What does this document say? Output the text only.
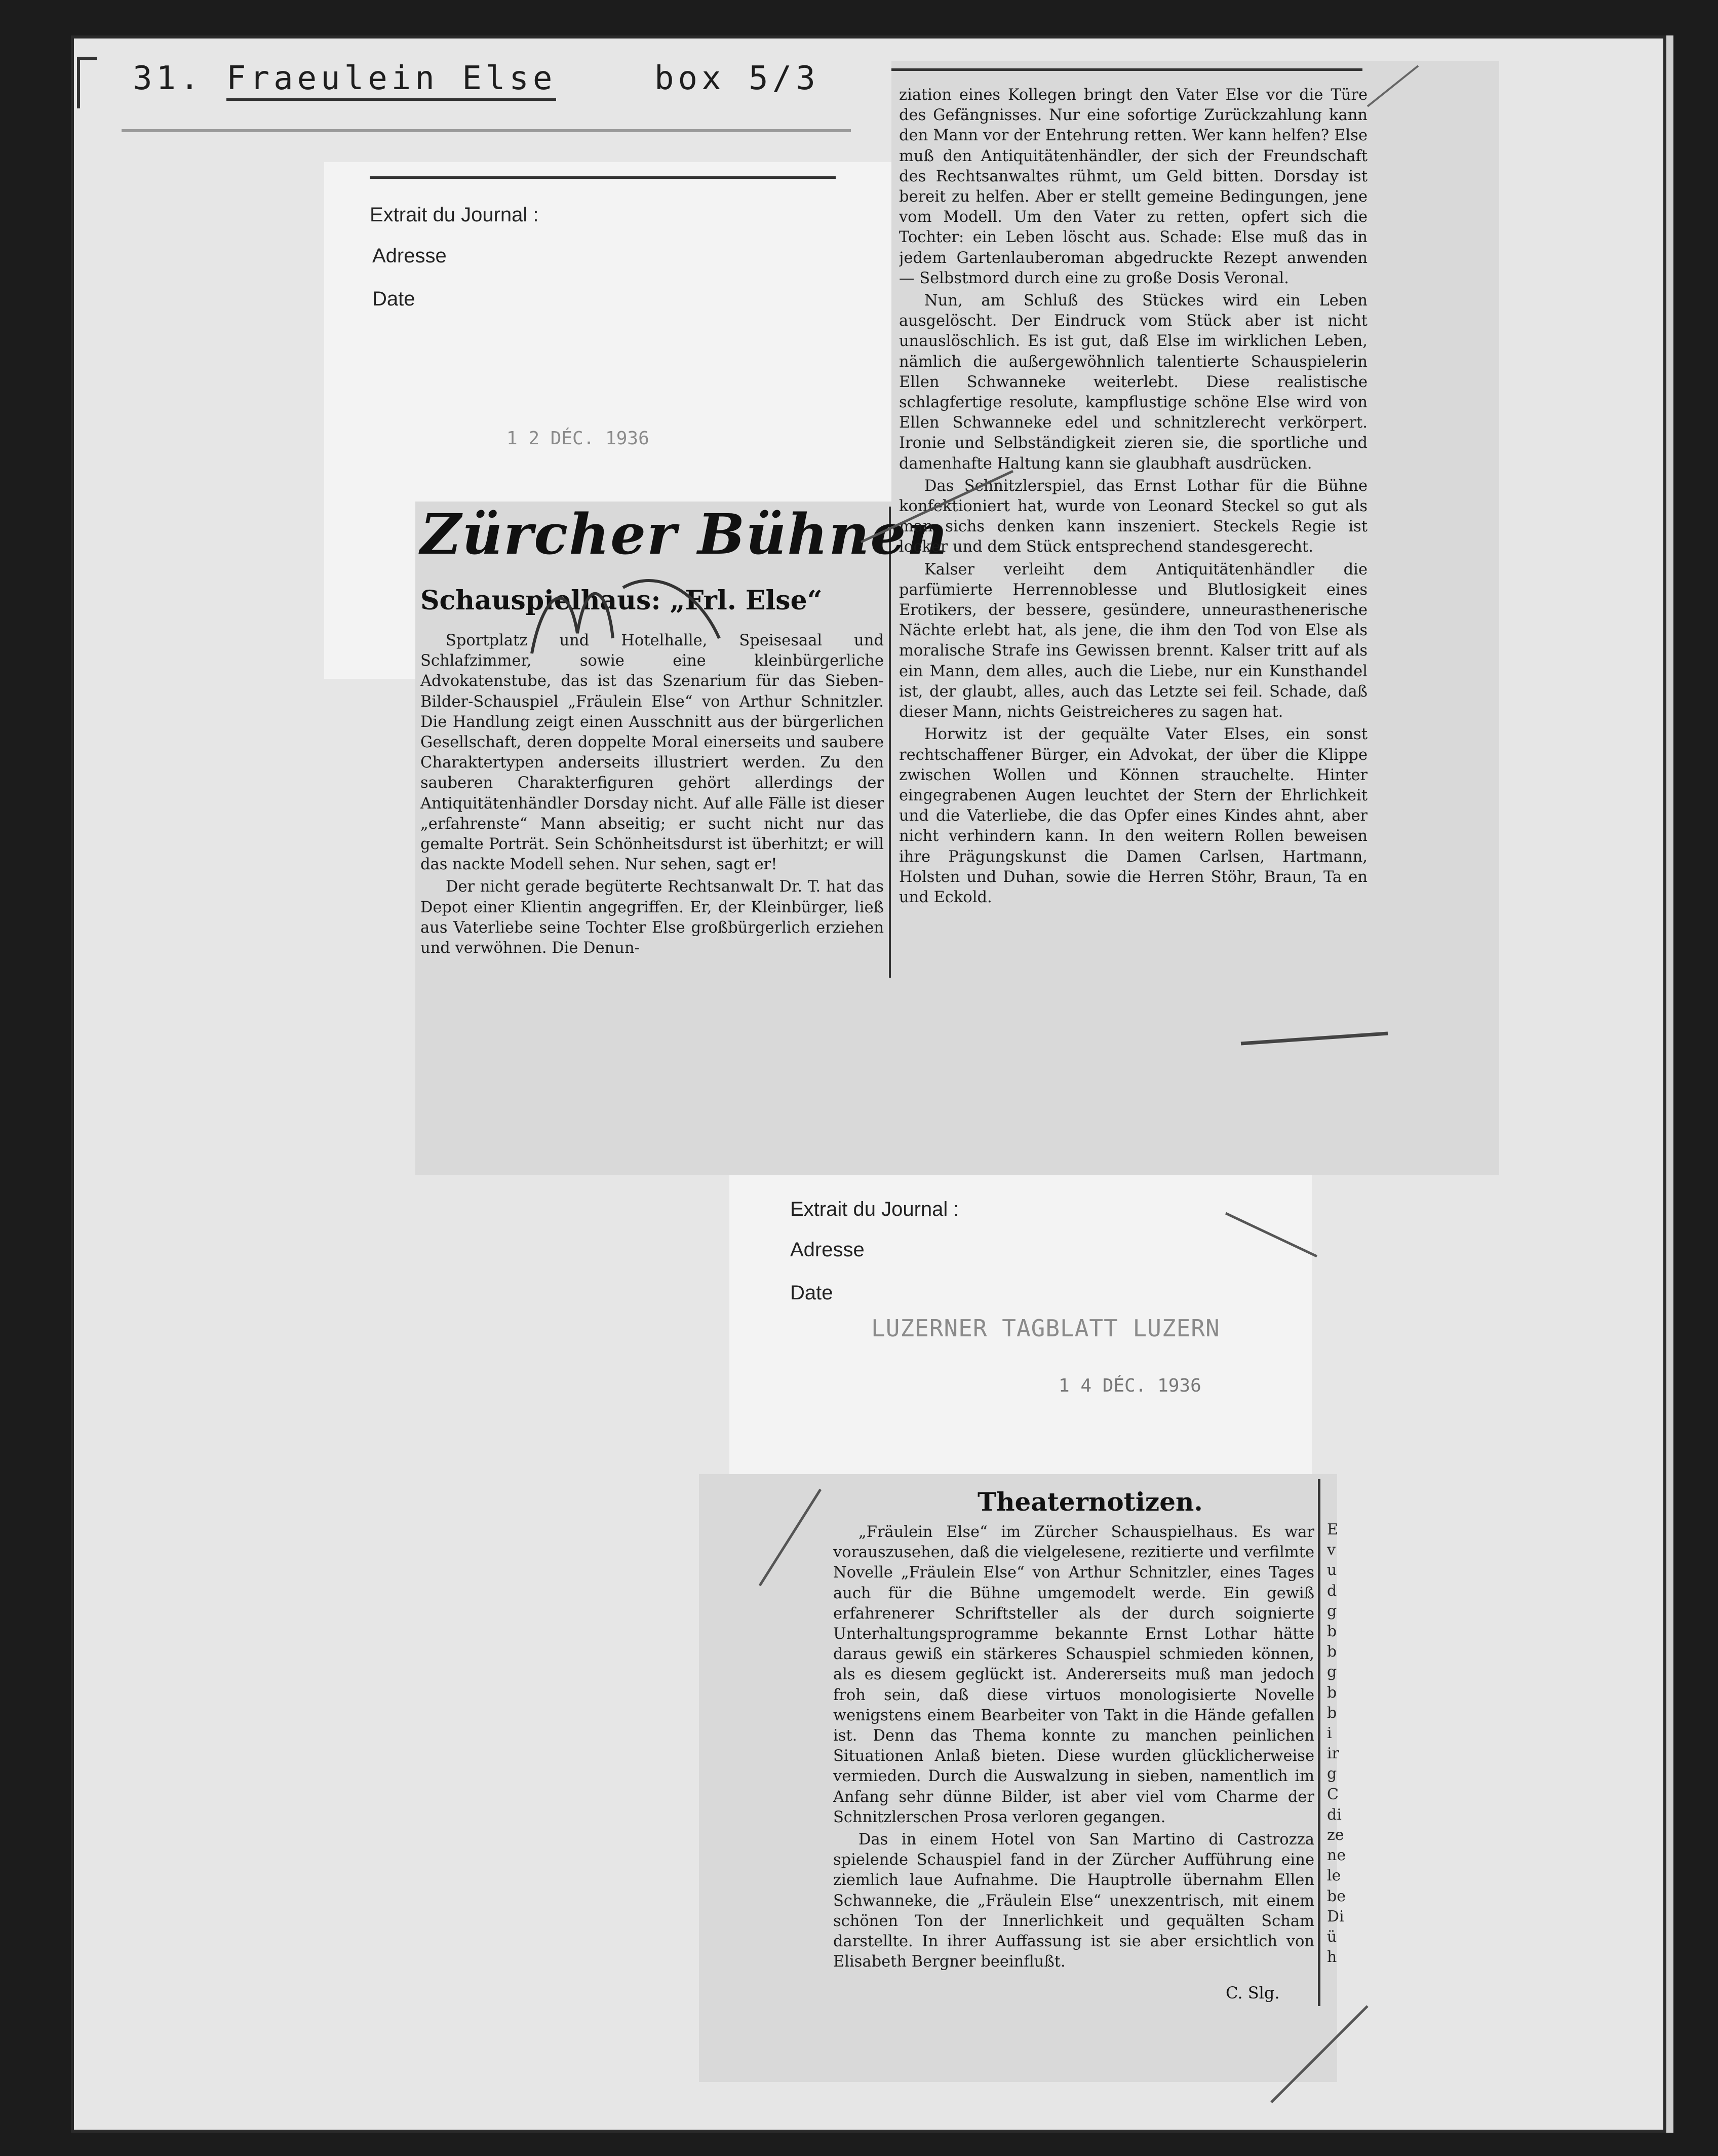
31. Fraeulein Else	box 5/3
Extrait du Journal :
Adresse
Date
1 2 DÉC. 1936
Zürcher Bühnen
Schauspielhaus: „Frl. Else“

Sportplatz und Hotelhalle, Speisesaal und Schlafzimmer, sowie eine kleinbürgerliche Advokatenstube, das ist das Szenarium für das Sieben-Bilder-Schauspiel „Fräulein Else“ von Arthur Schnitzler. Die Handlung zeigt einen Ausschnitt aus der bürgerlichen Gesellschaft, deren doppelte Moral einerseits und saubere Charaktertypen anderseits illustriert werden. Zu den sauberen Charakterfiguren gehört allerdings der Antiquitätenhändler Dorsday nicht. Auf alle Fälle ist dieser „erfahrenste“ Mann abseitig; er sucht nicht nur das gemalte Porträt. Sein Schönheitsdurst ist überhitzt; er will das nackte Modell sehen. Nur sehen, sagt er!

Der nicht gerade begüterte Rechtsanwalt Dr. T. hat das Depot einer Klientin angegriffen. Er, der Kleinbürger, ließ aus Vaterliebe seine Tochter Else großbürgerlich erziehen und verwöhnen. Die Denun-

ziation eines Kollegen bringt den Vater Else vor die Türe des Gefängnisses. Nur eine sofortige Zurückzahlung kann den Mann vor der Entehrung retten. Wer kann helfen? Else muß den Antiquitätenhändler, der sich der Freundschaft des Rechtsanwaltes rühmt, um Geld bitten. Dorsday ist bereit zu helfen. Aber er stellt gemeine Bedingungen, jene vom Modell. Um den Vater zu retten, opfert sich die Tochter: ein Leben löscht aus. Schade: Else muß das in jedem Gartenlauberoman abgedruckte Rezept anwenden — Selbstmord durch eine zu große Dosis Veronal.

Nun, am Schluß des Stückes wird ein Leben ausgelöscht. Der Eindruck vom Stück aber ist nicht unauslöschlich. Es ist gut, daß Else im wirklichen Leben, nämlich die außergewöhnlich talentierte Schauspielerin Ellen Schwanneke weiterlebt. Diese realistische schlagfertige resolute, kampflustige schöne Else wird von Ellen Schwanneke edel und schnitzlerecht verkörpert. Ironie und Selbständigkeit zieren sie, die sportliche und damenhafte Haltung kann sie glaubhaft ausdrücken.

Das Schnitzlerspiel, das Ernst Lothar für die Bühne konfektioniert hat, wurde von Leonard Steckel so gut als man sichs denken kann inszeniert. Steckels Regie ist locker und dem Stück entsprechend standesgerecht.

Kalser verleiht dem Antiquitätenhändler die parfümierte Herrennoblesse und Blutlosigkeit eines Erotikers, der bessere, gesündere, unneurasthenerische Nächte erlebt hat, als jene, die ihm den Tod von Else als moralische Strafe ins Gewissen brennt. Kalser tritt auf als ein Mann, dem alles, auch die Liebe, nur ein Kunsthandel ist, der glaubt, alles, auch das Letzte sei feil. Schade, daß dieser Mann, nichts Geistreicheres zu sagen hat.

Horwitz ist der gequälte Vater Elses, ein sonst rechtschaffener Bürger, ein Advokat, der über die Klippe zwischen Wollen und Können strauchelte. Hinter eingegrabenen Augen leuchtet der Stern der Ehrlichkeit und die Vaterliebe, die das Opfer eines Kindes ahnt, aber nicht verhindern kann. In den weitern Rollen beweisen ihre Prägungskunst die Damen Carlsen, Hartmann, Holsten und Duhan, sowie die Herren Stöhr, Braun, Ta en und Eckold.

Extrait du Journal :
Adresse
Date
LUZERNER TAGBLATT LUZERN
1 4 DÉC. 1936
Theaternotizen.

„Fräulein Else“ im Zürcher Schauspielhaus. Es war vorauszusehen, daß die vielgelesene, rezitierte und verfilmte Novelle „Fräulein Else“ von Arthur Schnitzler, eines Tages auch für die Bühne umgemodelt werde. Ein gewiß erfahrenerer Schriftsteller als der durch soignierte Unterhaltungsprogramme bekannte Ernst Lothar hätte daraus gewiß ein stärkeres Schauspiel schmieden können, als es diesem geglückt ist. Andererseits muß man jedoch froh sein, daß diese virtuos monologisierte Novelle wenigstens einem Bearbeiter von Takt in die Hände gefallen ist. Denn das Thema konnte zu manchen peinlichen Situationen Anlaß bieten. Diese wurden glücklicherweise vermieden. Durch die Auswalzung in sieben, namentlich im Anfang sehr dünne Bilder, ist aber viel vom Charme der Schnitzlerschen Prosa verloren gegangen.

Das in einem Hotel von San Martino di Castrozza spielende Schauspiel fand in der Zürcher Aufführung eine ziemlich laue Aufnahme. Die Hauptrolle übernahm Ellen Schwanneke, die „Fräulein Else“ unexzentrisch, mit einem schönen Ton der Innerlichkeit und gequälten Scham darstellte. In ihrer Auffassung ist sie aber ersichtlich von Elisabeth Bergner beeinflußt.

C. Slg.
E
v
u
d
g
b
b
g
b
b
i
ir
g
C
di
ze
ne
le
be
Di
ü
h
